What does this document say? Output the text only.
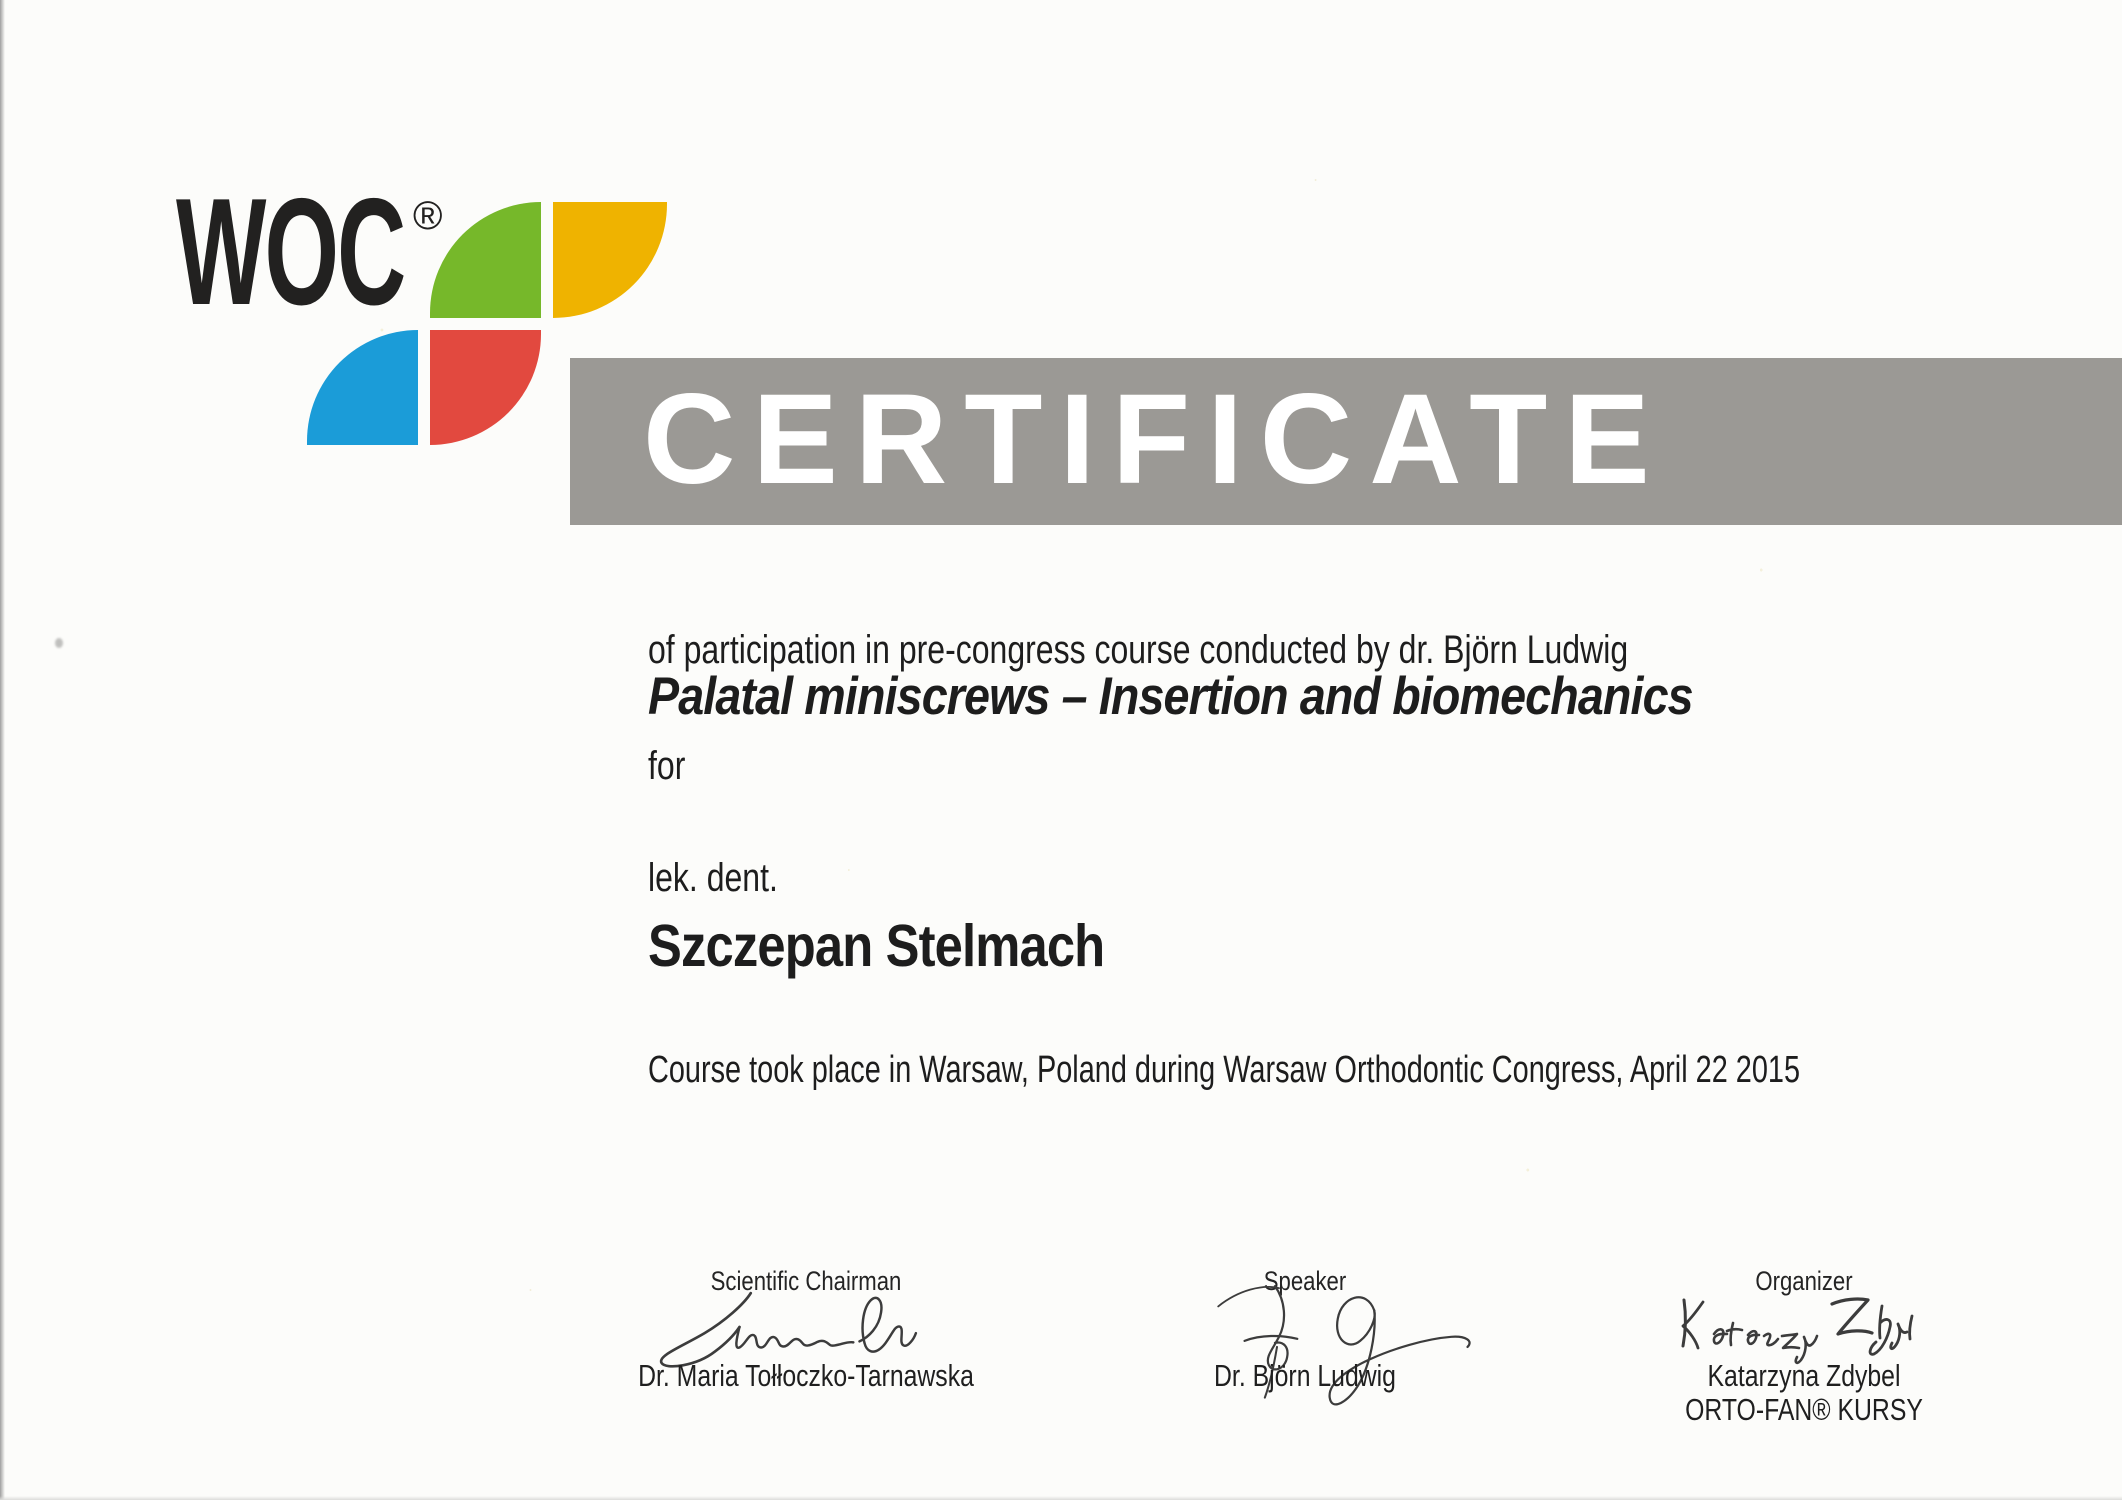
WOC ®
CERTIFICATE
of participation in pre-congress course conducted by dr. Björn Ludwig
Palatal miniscrews – Insertion and biomechanics
for
lek. dent.
Szczepan Stelmach
Course took place in Warsaw, Poland during Warsaw Orthodontic Congress, April 22 2015
Scientific Chairman
Dr. Maria Tołłoczko-Tarnawska
Speaker
Dr. Björn Ludwig
Organizer
Katarzyna Zdybel
ORTO-FAN® KURSY
